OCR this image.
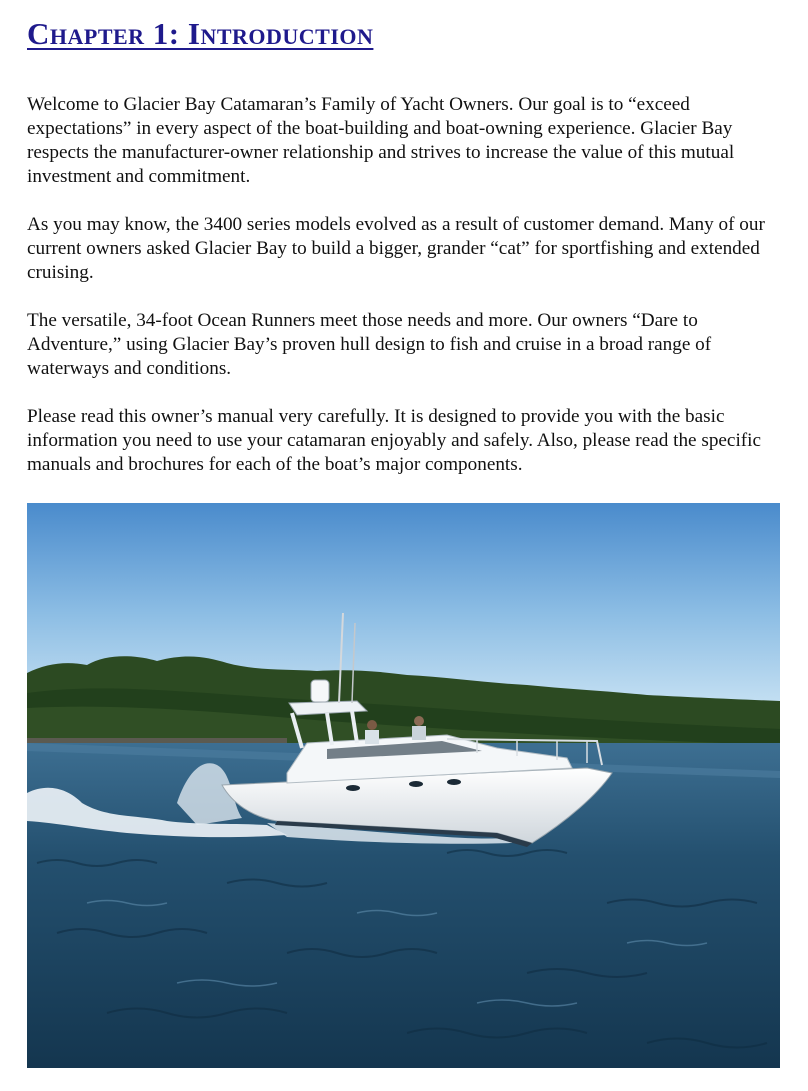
Chapter 1: Introduction

Welcome to Glacier Bay Catamaran’s Family of Yacht Owners. Our goal is to “exceed expectations” in every aspect of the boat-building and boat-owning experience. Glacier Bay respects the manufacturer-owner relationship and strives to increase the value of this mutual investment and commitment.

As you may know, the 3400 series models evolved as a result of customer demand. Many of our current owners asked Glacier Bay to build a bigger, grander “cat” for sportfishing and extended cruising.

The versatile, 34-foot Ocean Runners meet those needs and more. Our owners “Dare to Adventure,” using Glacier Bay’s proven hull design to fish and cruise in a broad range of waterways and conditions.

Please read this owner’s manual very carefully. It is designed to provide you with the basic information you need to use your catamaran enjoyably and safely. Also, please read the specific manuals and brochures for each of the boat’s major components.
